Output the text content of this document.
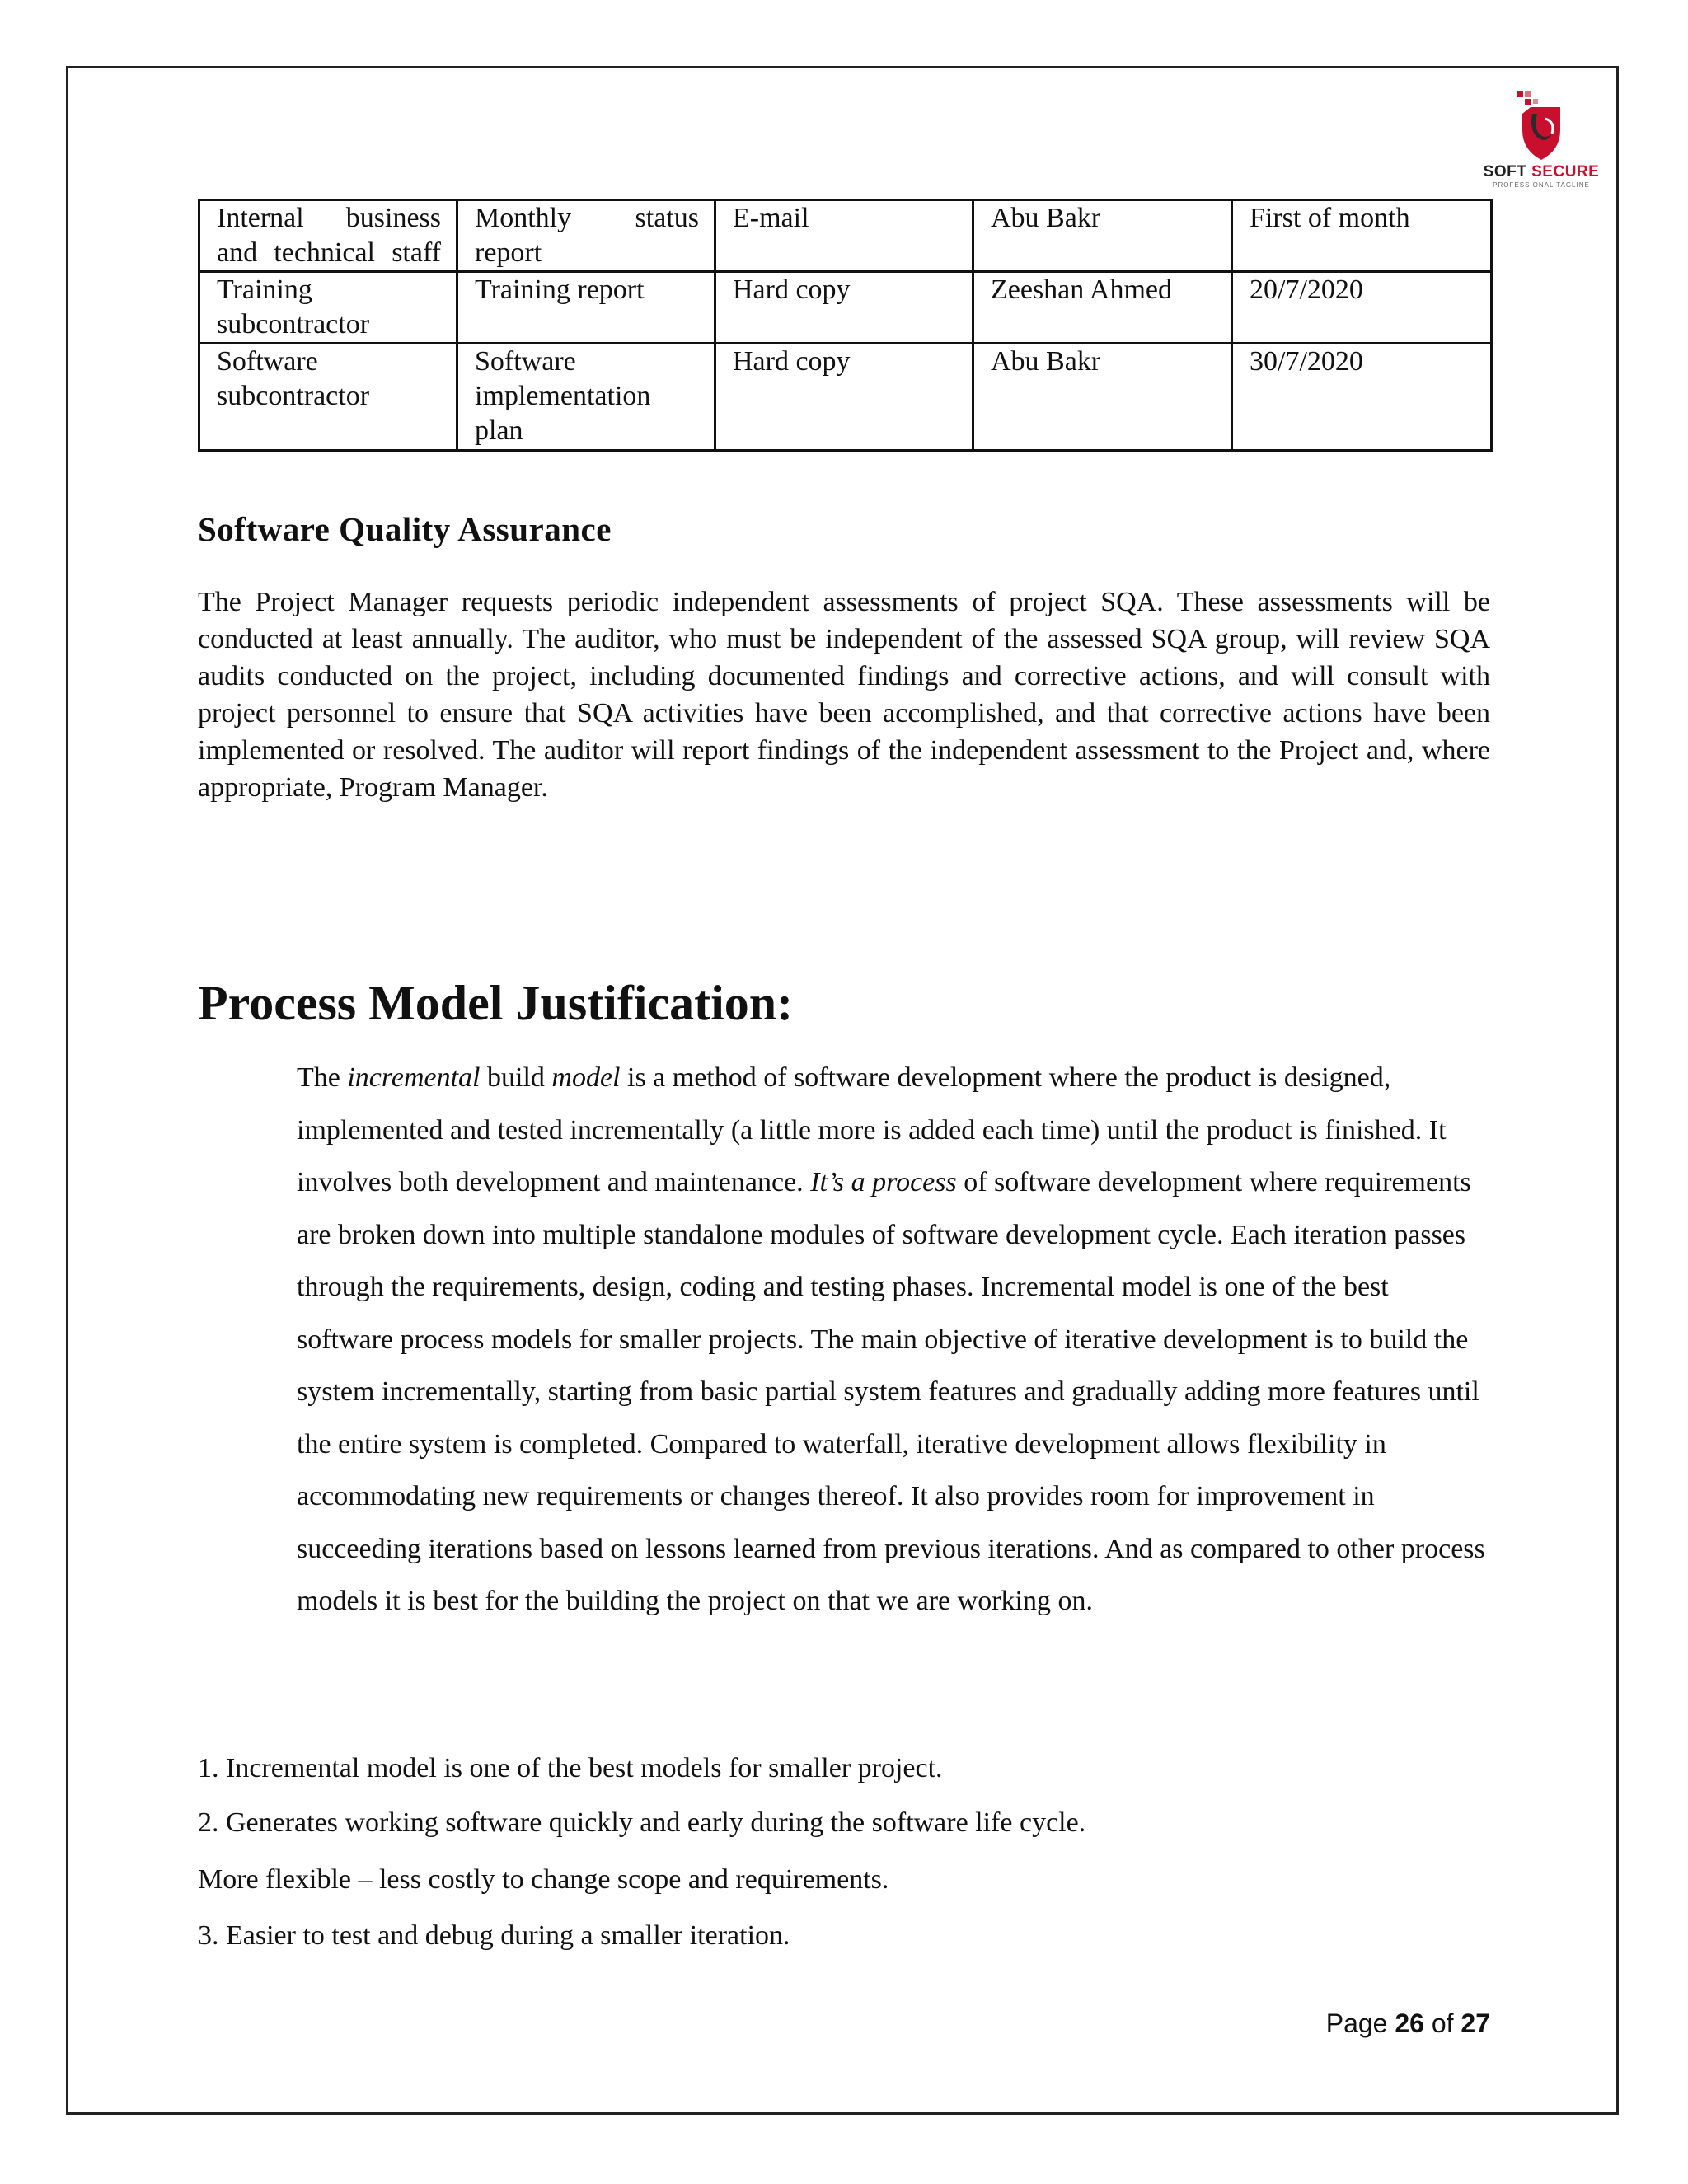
SOFT SECURE
PROFESSIONAL TAGLINE
Internal business and technical staff	Monthly status report	E-mail	Abu Bakr	First of month
Training subcontractor	Training report	Hard copy	Zeeshan Ahmed	20/7/2020
Software subcontractor	Software implementation plan	Hard copy	Abu Bakr	30/7/2020
Software Quality Assurance

The Project Manager requests periodic independent assessments of project SQA. These assessments will be conducted at least annually. The auditor, who must be independent of the assessed SQA group, will review SQA audits conducted on the project, including documented findings and corrective actions, and will consult with project personnel to ensure that SQA activities have been accomplished, and that corrective actions have been implemented or resolved. The auditor will report findings of the independent assessment to the Project and, where appropriate, Program Manager.

Process Model Justification:

The incremental build model is a method of software development where the product is designed, implemented and tested incrementally (a little more is added each time) until the product is finished. It involves both development and maintenance. It’s a process of software development where requirements are broken down into multiple standalone modules of software development cycle. Each iteration passes through the requirements, design, coding and testing phases. Incremental model is one of the best software process models for smaller projects. The main objective of iterative development is to build the system incrementally, starting from basic partial system features and gradually adding more features until the entire system is completed. Compared to waterfall, iterative development allows flexibility in accommodating new requirements or changes thereof. It also provides room for improvement in succeeding iterations based on lessons learned from previous iterations. And as compared to other process models it is best for the building the project on that we are working on.

1. Incremental model is one of the best models for smaller project.
2. Generates working software quickly and early during the software life cycle.
More flexible – less costly to change scope and requirements.
3. Easier to test and debug during a smaller iteration.
Page 26 of 27
